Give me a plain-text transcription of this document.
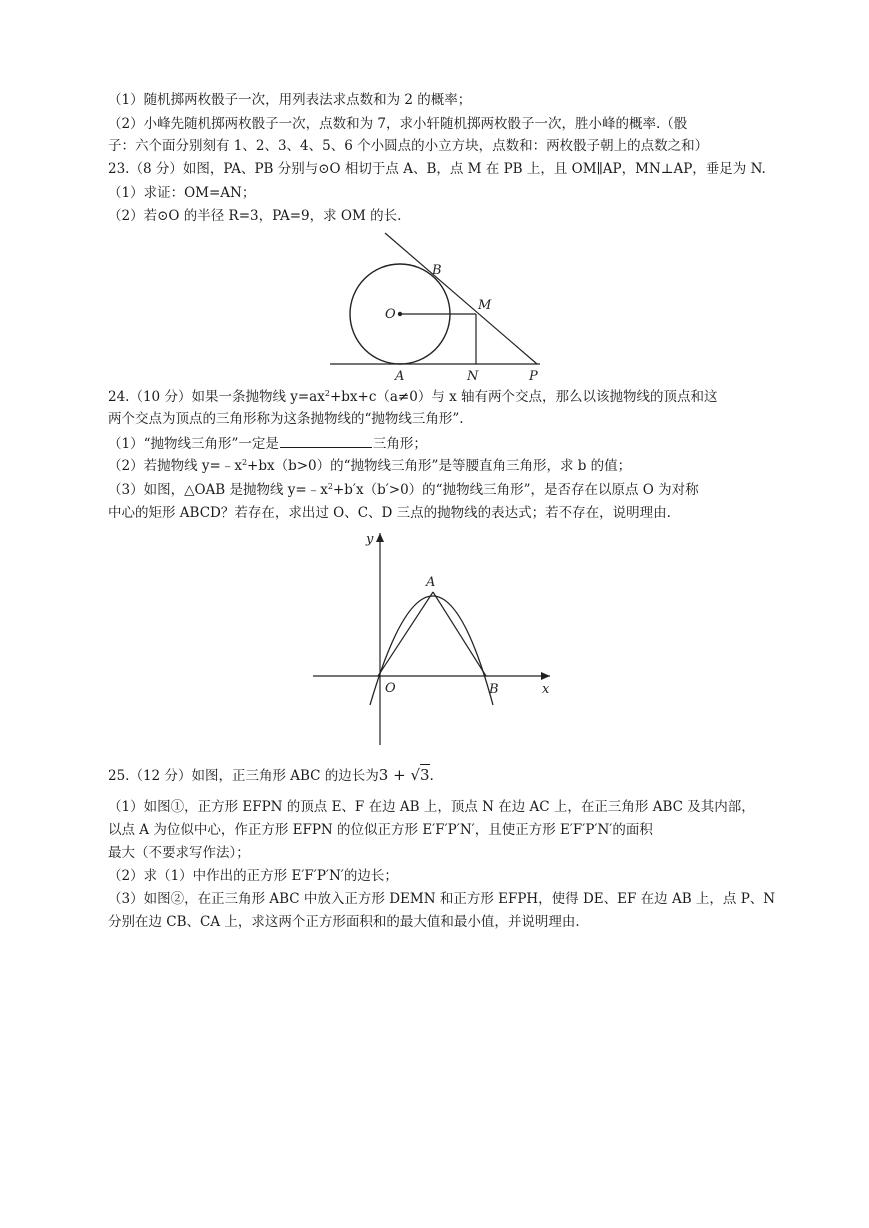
（1）随机掷两枚骰子一次，用列表法求点数和为 2 的概率；
（2）小峰先随机掷两枚骰子一次，点数和为 7，求小轩随机掷两枚骰子一次，胜小峰的概率.（骰
子：六个面分别刻有 1、2、3、4、5、6 个小圆点的小立方块，点数和：两枚骰子朝上的点数之和）
23.（8 分）如图，PA、PB 分别与⊙O 相切于点 A、B，点 M 在 PB 上，且 OM∥AP，MN⊥AP，垂足为 N.
（1）求证：OM=AN；
（2）若⊙O 的半径 R=3，PA=9，求 OM 的长.
B
O
M
A	N	P
24.（10 分）如果一条抛物线 $y=ax^2+bx+c(a\ne 0)$与 x 轴有两个交点，那么以该抛物线的顶点和这
两个交点为顶点的三角形称为这条抛物线的“抛物线三角形”.
（1）“抛物线三角形”一定是	三角形；
（2）若抛物线 $y=﹣x^2+bx(b>0)$的“抛物线三角形”是等腰直角三角形，求 b 的值；
（3）如图，△OAB 是抛物线 $y=﹣x^2+b'x(b'>0)$的“抛物线三角形”，是否存在以原点 O 为对称
中心的矩形 ABCD？若存在，求出过 O、C、D 三点的抛物线的表达式；若不存在，说明理由.
y
x
A
O	B
25.（12 分）如图，正三角形 ABC 的边长为3 + √3.
（1）如图①，正方形 EFPN 的顶点 E、F 在边 AB 上，顶点 N 在边 AC 上，在正三角形 ABC 及其内部，
以点 A 为位似中心，作正方形 EFPN 的位似正方形 E′F′P′N′，且使正方形 E′F′P′N′的面积
最大（不要求写作法）；
（2）求（1）中作出的正方形 E′F′P′N′的边长；
（3）如图②，在正三角形 ABC 中放入正方形 DEMN 和正方形 EFPH，使得 DE、EF 在边 AB 上，点 P、N
分别在边 CB、CA 上，求这两个正方形面积和的最大值和最小值，并说明理由.
